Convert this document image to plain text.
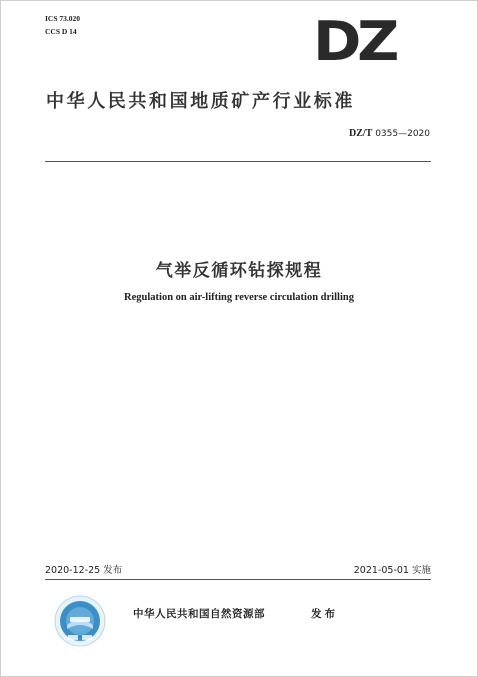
ICS 73.020
CCS D 14	DZ
中华人民共和国地质矿产行业标准
DZ/T 0355—2020
气举反循环钻探规程
Regulation on air-lifting reverse circulation drilling
2020-12-25 发布	2021-05-01 实施
中华人民共和国自然资源部	发布
